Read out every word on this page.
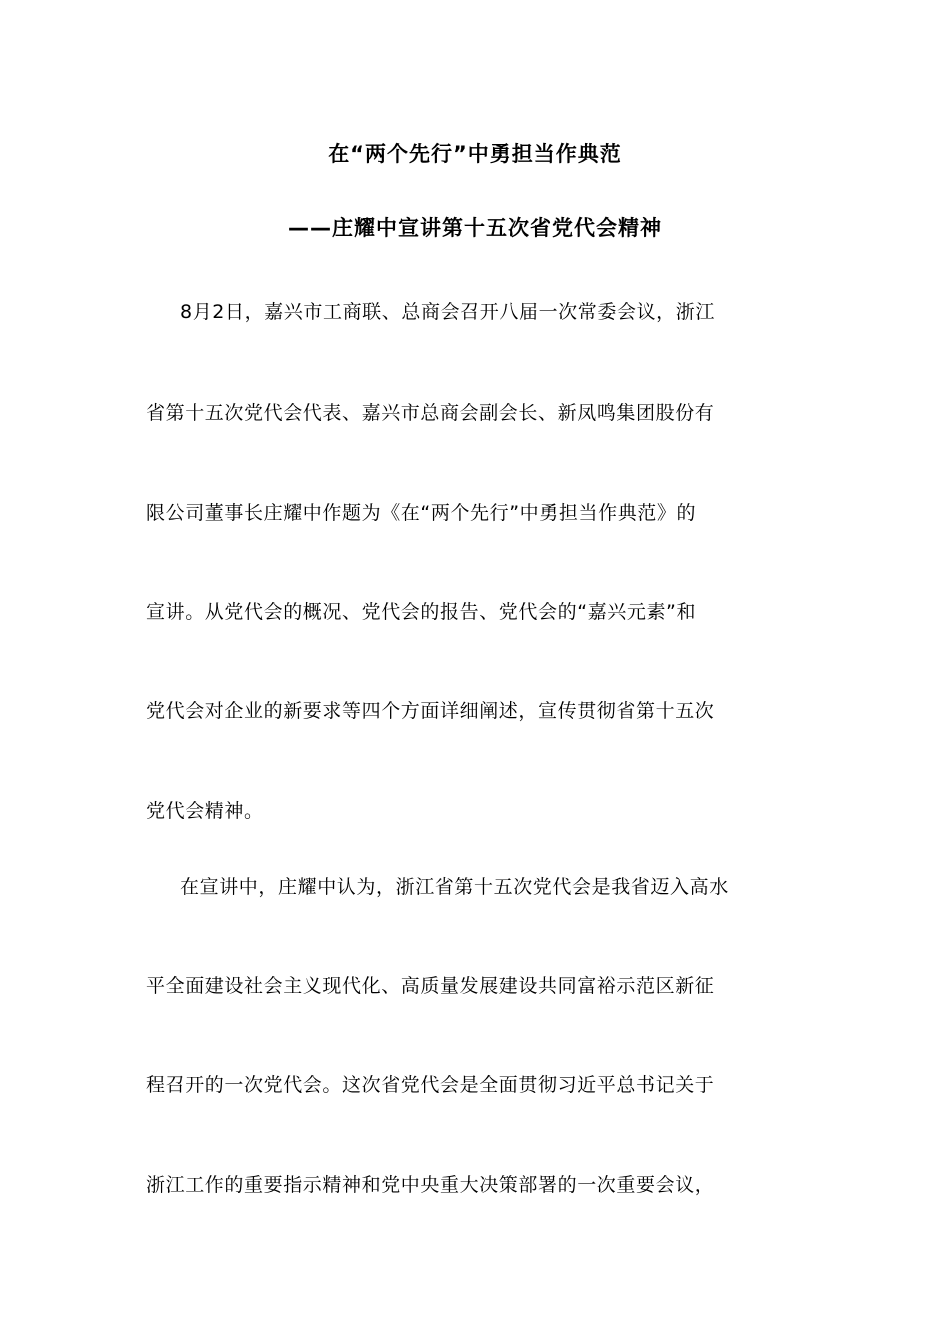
在“两个先行”中勇担当作典范
——庄耀中宣讲第十五次省党代会精神
8月2日，嘉兴市工商联、总商会召开八届一次常委会议，浙江
省第十五次党代会代表、嘉兴市总商会副会长、新凤鸣集团股份有
限公司董事长庄耀中作题为《在“两个先行”中勇担当作典范》的
宣讲。从党代会的概况、党代会的报告、党代会的“嘉兴元素”和
党代会对企业的新要求等四个方面详细阐述，宣传贯彻省第十五次
党代会精神。
在宣讲中，庄耀中认为，浙江省第十五次党代会是我省迈入高水
平全面建设社会主义现代化、高质量发展建设共同富裕示范区新征
程召开的一次党代会。这次省党代会是全面贯彻习近平总书记关于
浙江工作的重要指示精神和党中央重大决策部署的一次重要会议，
